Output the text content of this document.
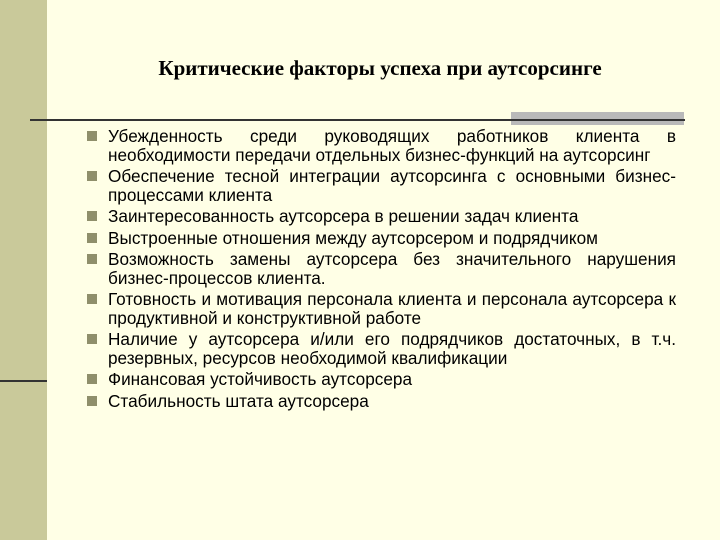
Критические факторы успеха при аутсорсинге
Убежденность среди руководящих работников клиента в необходимости передачи отдельных бизнес-функций на аутсорсинг
Обеспечение тесной интеграции аутсорсинга с основными бизнес-процессами клиента
Заинтересованность аутсорсера в решении задач клиента
Выстроенные отношения между аутсорсером и подрядчиком
Возможность замены аутсорсера без значительного нарушения бизнес-процессов клиента.
Готовность и мотивация персонала клиента и персонала аутсорсера к продуктивной и конструктивной работе
Наличие у аутсорсера и/или его подрядчиков достаточных, в т.ч. резервных, ресурсов необходимой квалификации
Финансовая устойчивость аутсорсера
Стабильность штата аутсорсера
